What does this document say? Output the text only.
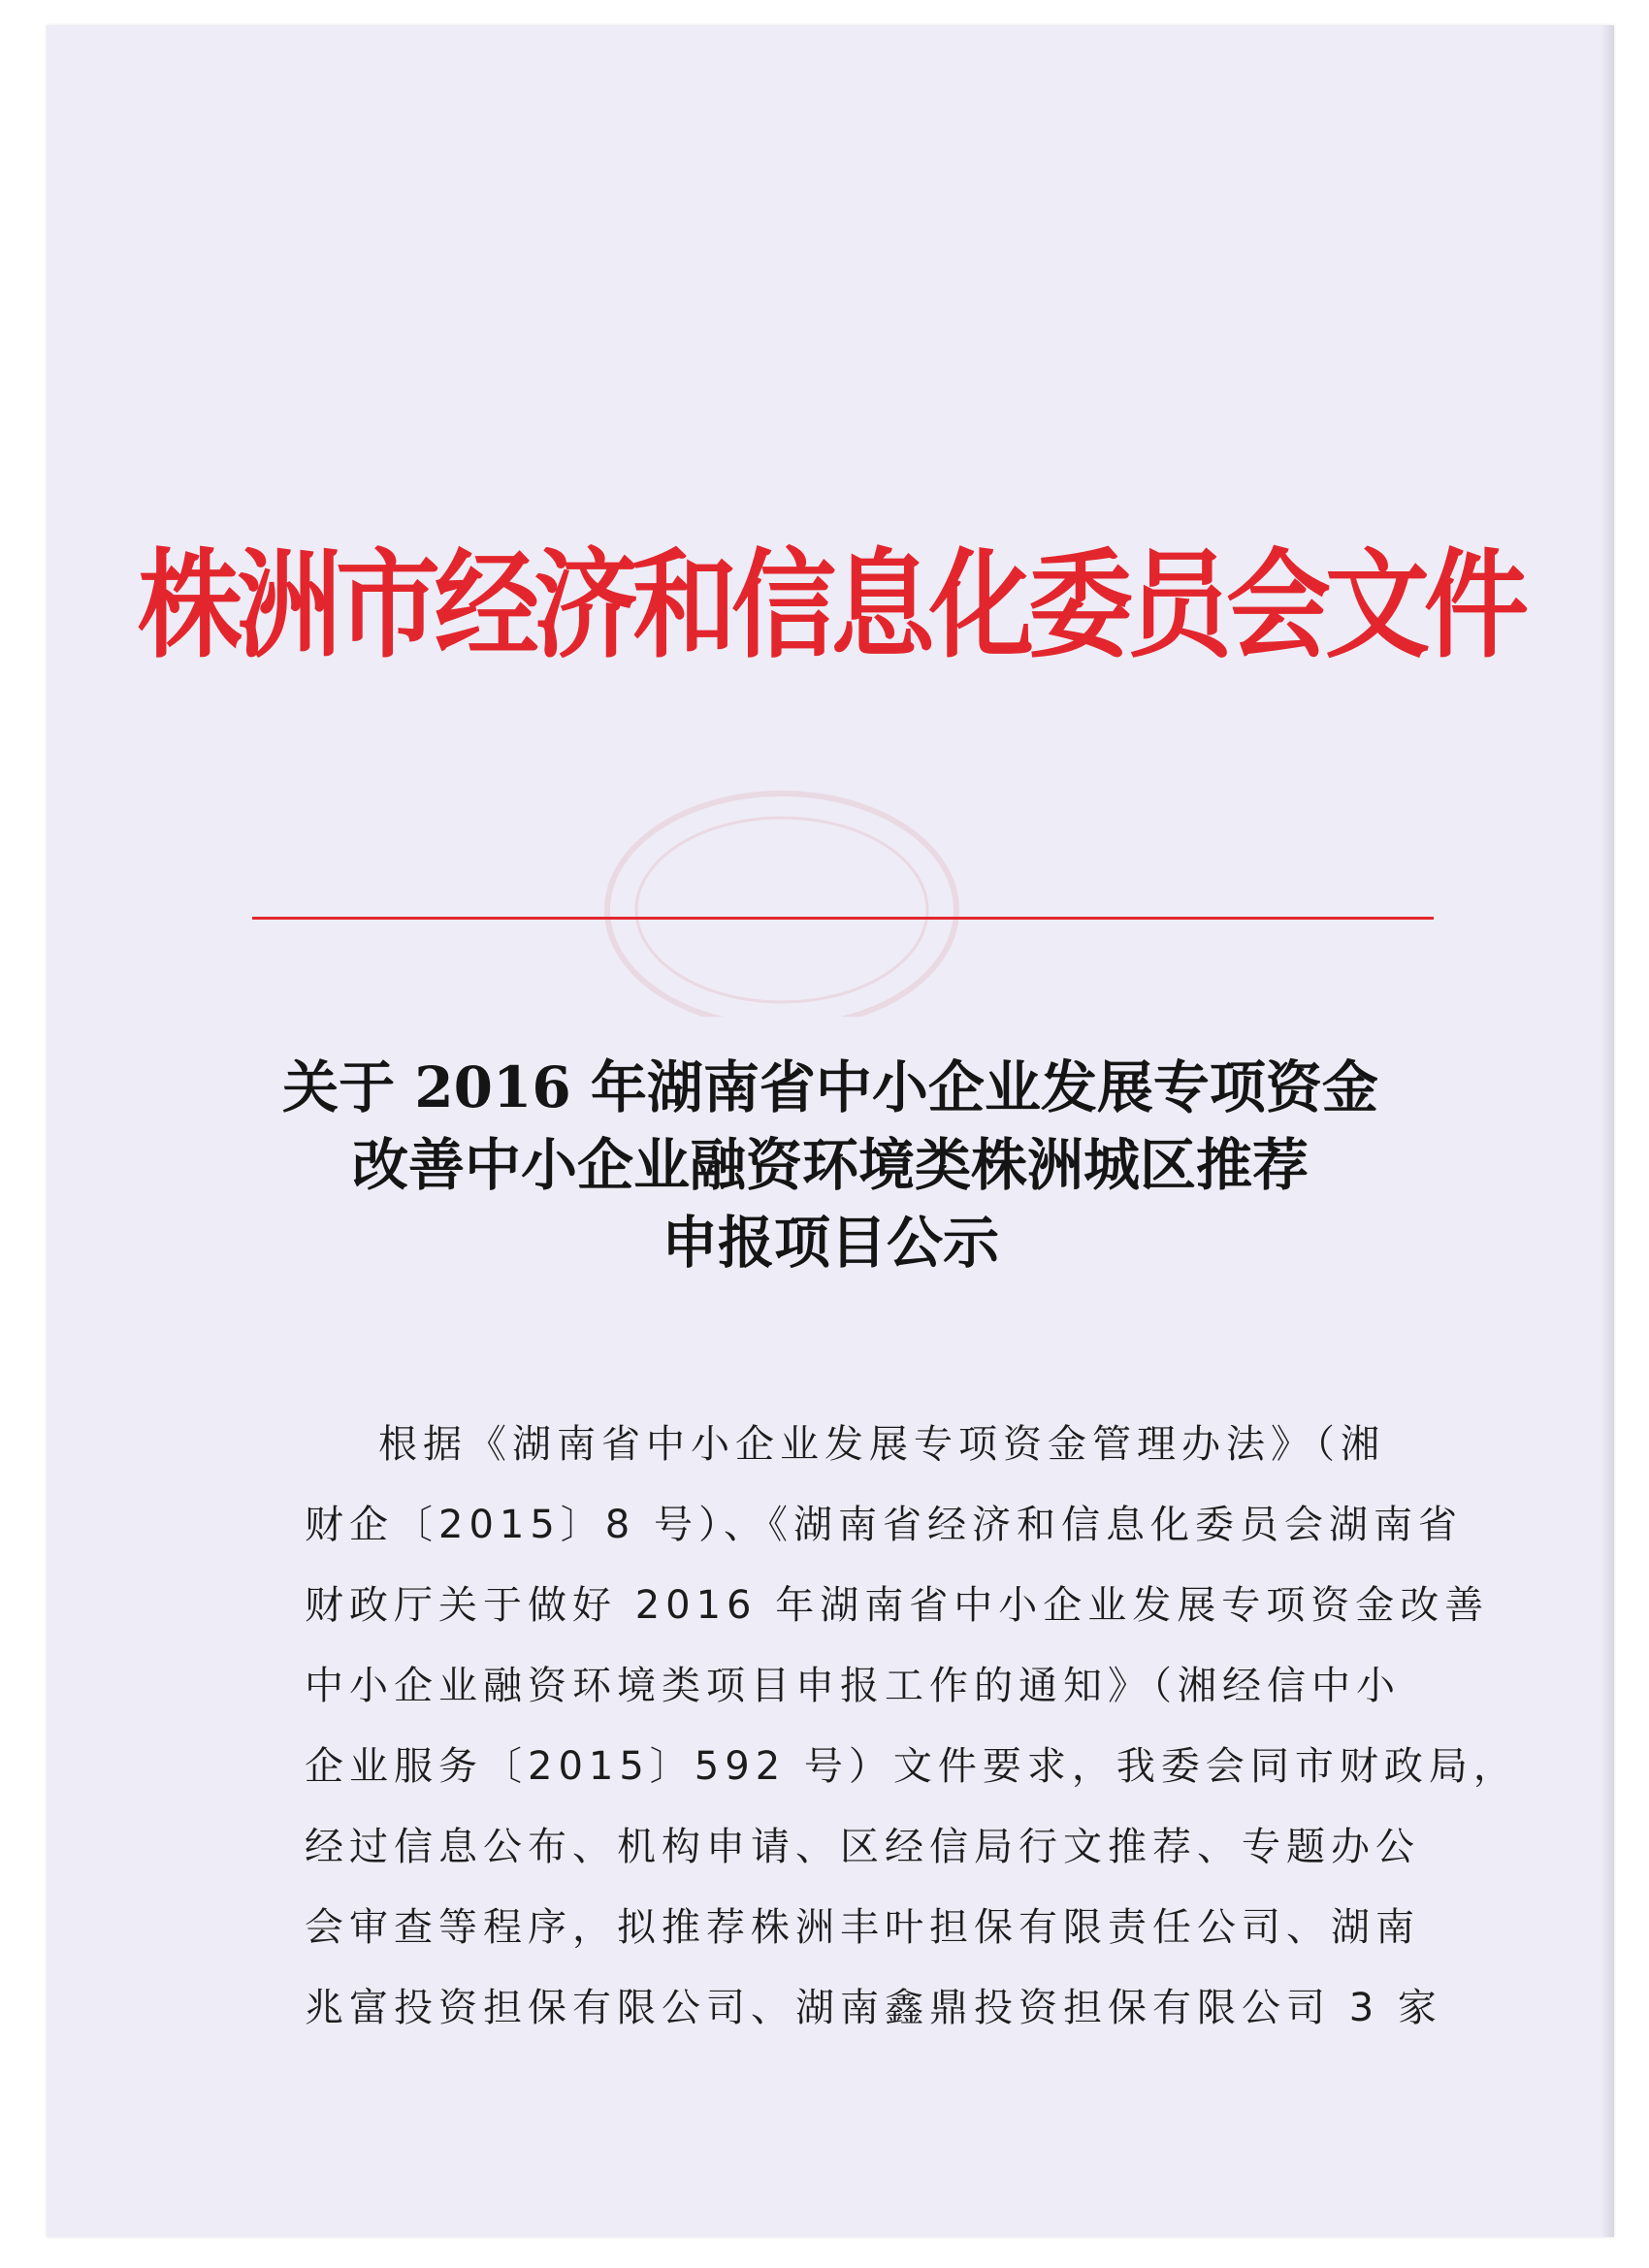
株洲市经济和信息化委员会文件
关于 2016 年湖南省中小企业发展专项资金
改善中小企业融资环境类株洲城区推荐
申报项目公示
根据《湖南省中小企业发展专项资金管理办法》（湘
财企〔2015〕8 号）、《湖南省经济和信息化委员会湖南省
财政厅关于做好 2016 年湖南省中小企业发展专项资金改善
中小企业融资环境类项目申报工作的通知》（湘经信中小
企业服务〔2015〕592 号）文件要求，我委会同市财政局，
经过信息公布、机构申请、区经信局行文推荐、专题办公
会审查等程序，拟推荐株洲丰叶担保有限责任公司、湖南
兆富投资担保有限公司、湖南鑫鼎投资担保有限公司 3 家
